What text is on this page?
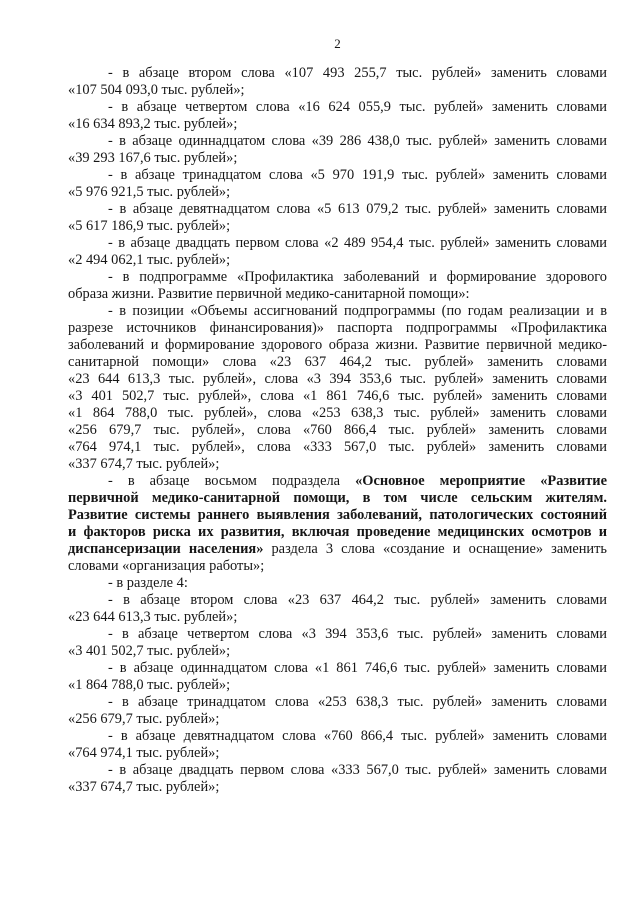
2
- в абзаце втором слова «107 493 255,7 тыс. рублей» заменить словами
«107 504 093,0 тыс. рублей»;
- в абзаце четвертом слова «16 624 055,9 тыс. рублей» заменить словами
«16 634 893,2 тыс. рублей»;
- в абзаце одиннадцатом слова «39 286 438,0 тыс. рублей» заменить словами
«39 293 167,6 тыс. рублей»;
- в абзаце тринадцатом слова «5 970 191,9 тыс. рублей» заменить словами
«5 976 921,5 тыс. рублей»;
- в абзаце девятнадцатом слова «5 613 079,2 тыс. рублей» заменить словами
«5 617 186,9 тыс. рублей»;
- в абзаце двадцать первом слова «2 489 954,4 тыс. рублей» заменить словами
«2 494 062,1 тыс. рублей»;
- в подпрограмме «Профилактика заболеваний и формирование здорового
образа жизни. Развитие первичной медико-санитарной помощи»:
- в позиции «Объемы ассигнований подпрограммы (по годам реализации и в
разрезе источников финансирования)» паспорта подпрограммы «Профилактика
заболеваний и формирование здорового образа жизни. Развитие первичной медико-
санитарной помощи» слова «23 637 464,2 тыс. рублей» заменить словами
«23 644 613,3 тыс. рублей», слова «3 394 353,6 тыс. рублей» заменить словами
«3 401 502,7 тыс. рублей», слова «1 861 746,6 тыс. рублей» заменить словами
«1 864 788,0 тыс. рублей», слова «253 638,3 тыс. рублей» заменить словами
«256 679,7 тыс. рублей», слова «760 866,4 тыс. рублей» заменить словами
«764 974,1 тыс. рублей», слова «333 567,0 тыс. рублей» заменить словами
«337 674,7 тыс. рублей»;
- в абзаце восьмом подраздела «Основное мероприятие «Развитие
первичной медико-санитарной помощи, в том числе сельским жителям.
Развитие системы раннего выявления заболеваний, патологических состояний
и факторов риска их развития, включая проведение медицинских осмотров и
диспансеризации населения» раздела 3 слова «создание и оснащение» заменить
словами «организация работы»;
- в разделе 4:
- в абзаце втором слова «23 637 464,2 тыс. рублей» заменить словами
«23 644 613,3 тыс. рублей»;
- в абзаце четвертом слова «3 394 353,6 тыс. рублей» заменить словами
«3 401 502,7 тыс. рублей»;
- в абзаце одиннадцатом слова «1 861 746,6 тыс. рублей» заменить словами
«1 864 788,0 тыс. рублей»;
- в абзаце тринадцатом слова «253 638,3 тыс. рублей» заменить словами
«256 679,7 тыс. рублей»;
- в абзаце девятнадцатом слова «760 866,4 тыс. рублей» заменить словами
«764 974,1 тыс. рублей»;
- в абзаце двадцать первом слова «333 567,0 тыс. рублей» заменить словами
«337 674,7 тыс. рублей»;
